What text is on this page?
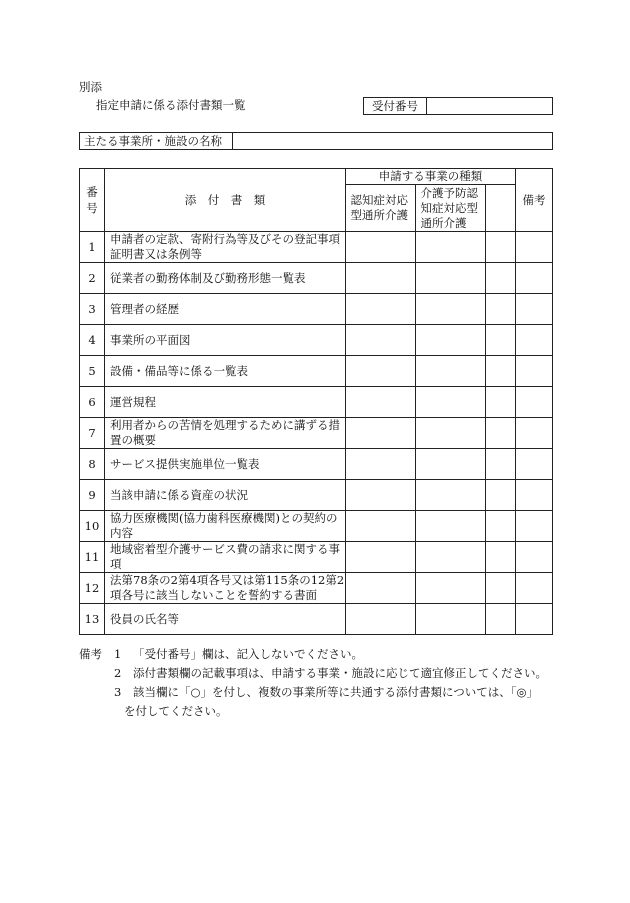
別添
指定申請に係る添付書類一覧	受付番号
主たる事業所・施設の名称
番号	添　付　書　類	申請する事業の種類			備考

		認知症対応型通所介護	介護予防認知症対応型通所介護		

1	申請者の定款、寄附行為等及びその登記事項証明書又は条例等				
2	従業者の勤務体制及び勤務形態一覧表				
3	管理者の経歴				
4	事業所の平面図				
5	設備・備品等に係る一覧表				
6	運営規程				
7	利用者からの苦情を処理するために講ずる措置の概要				
8	サービス提供実施単位一覧表				
9	当該申請に係る資産の状況				
10	協力医療機関(協力歯科医療機関)との契約の内容				
11	地域密着型介護サービス費の請求に関する事項				
12	法第78条の2第4項各号又は第115条の12第2項各号に該当しないことを誓約する書面				
13	役員の氏名等				
備考 1 「受付番号」欄は、記入しないでください。
2 添付書類欄の記載事項は、申請する事業・施設に応じて適宜修正してください。
3 該当欄に「○」を付し、複数の事業所等に共通する添付書類については、「◎」
を付してください。
